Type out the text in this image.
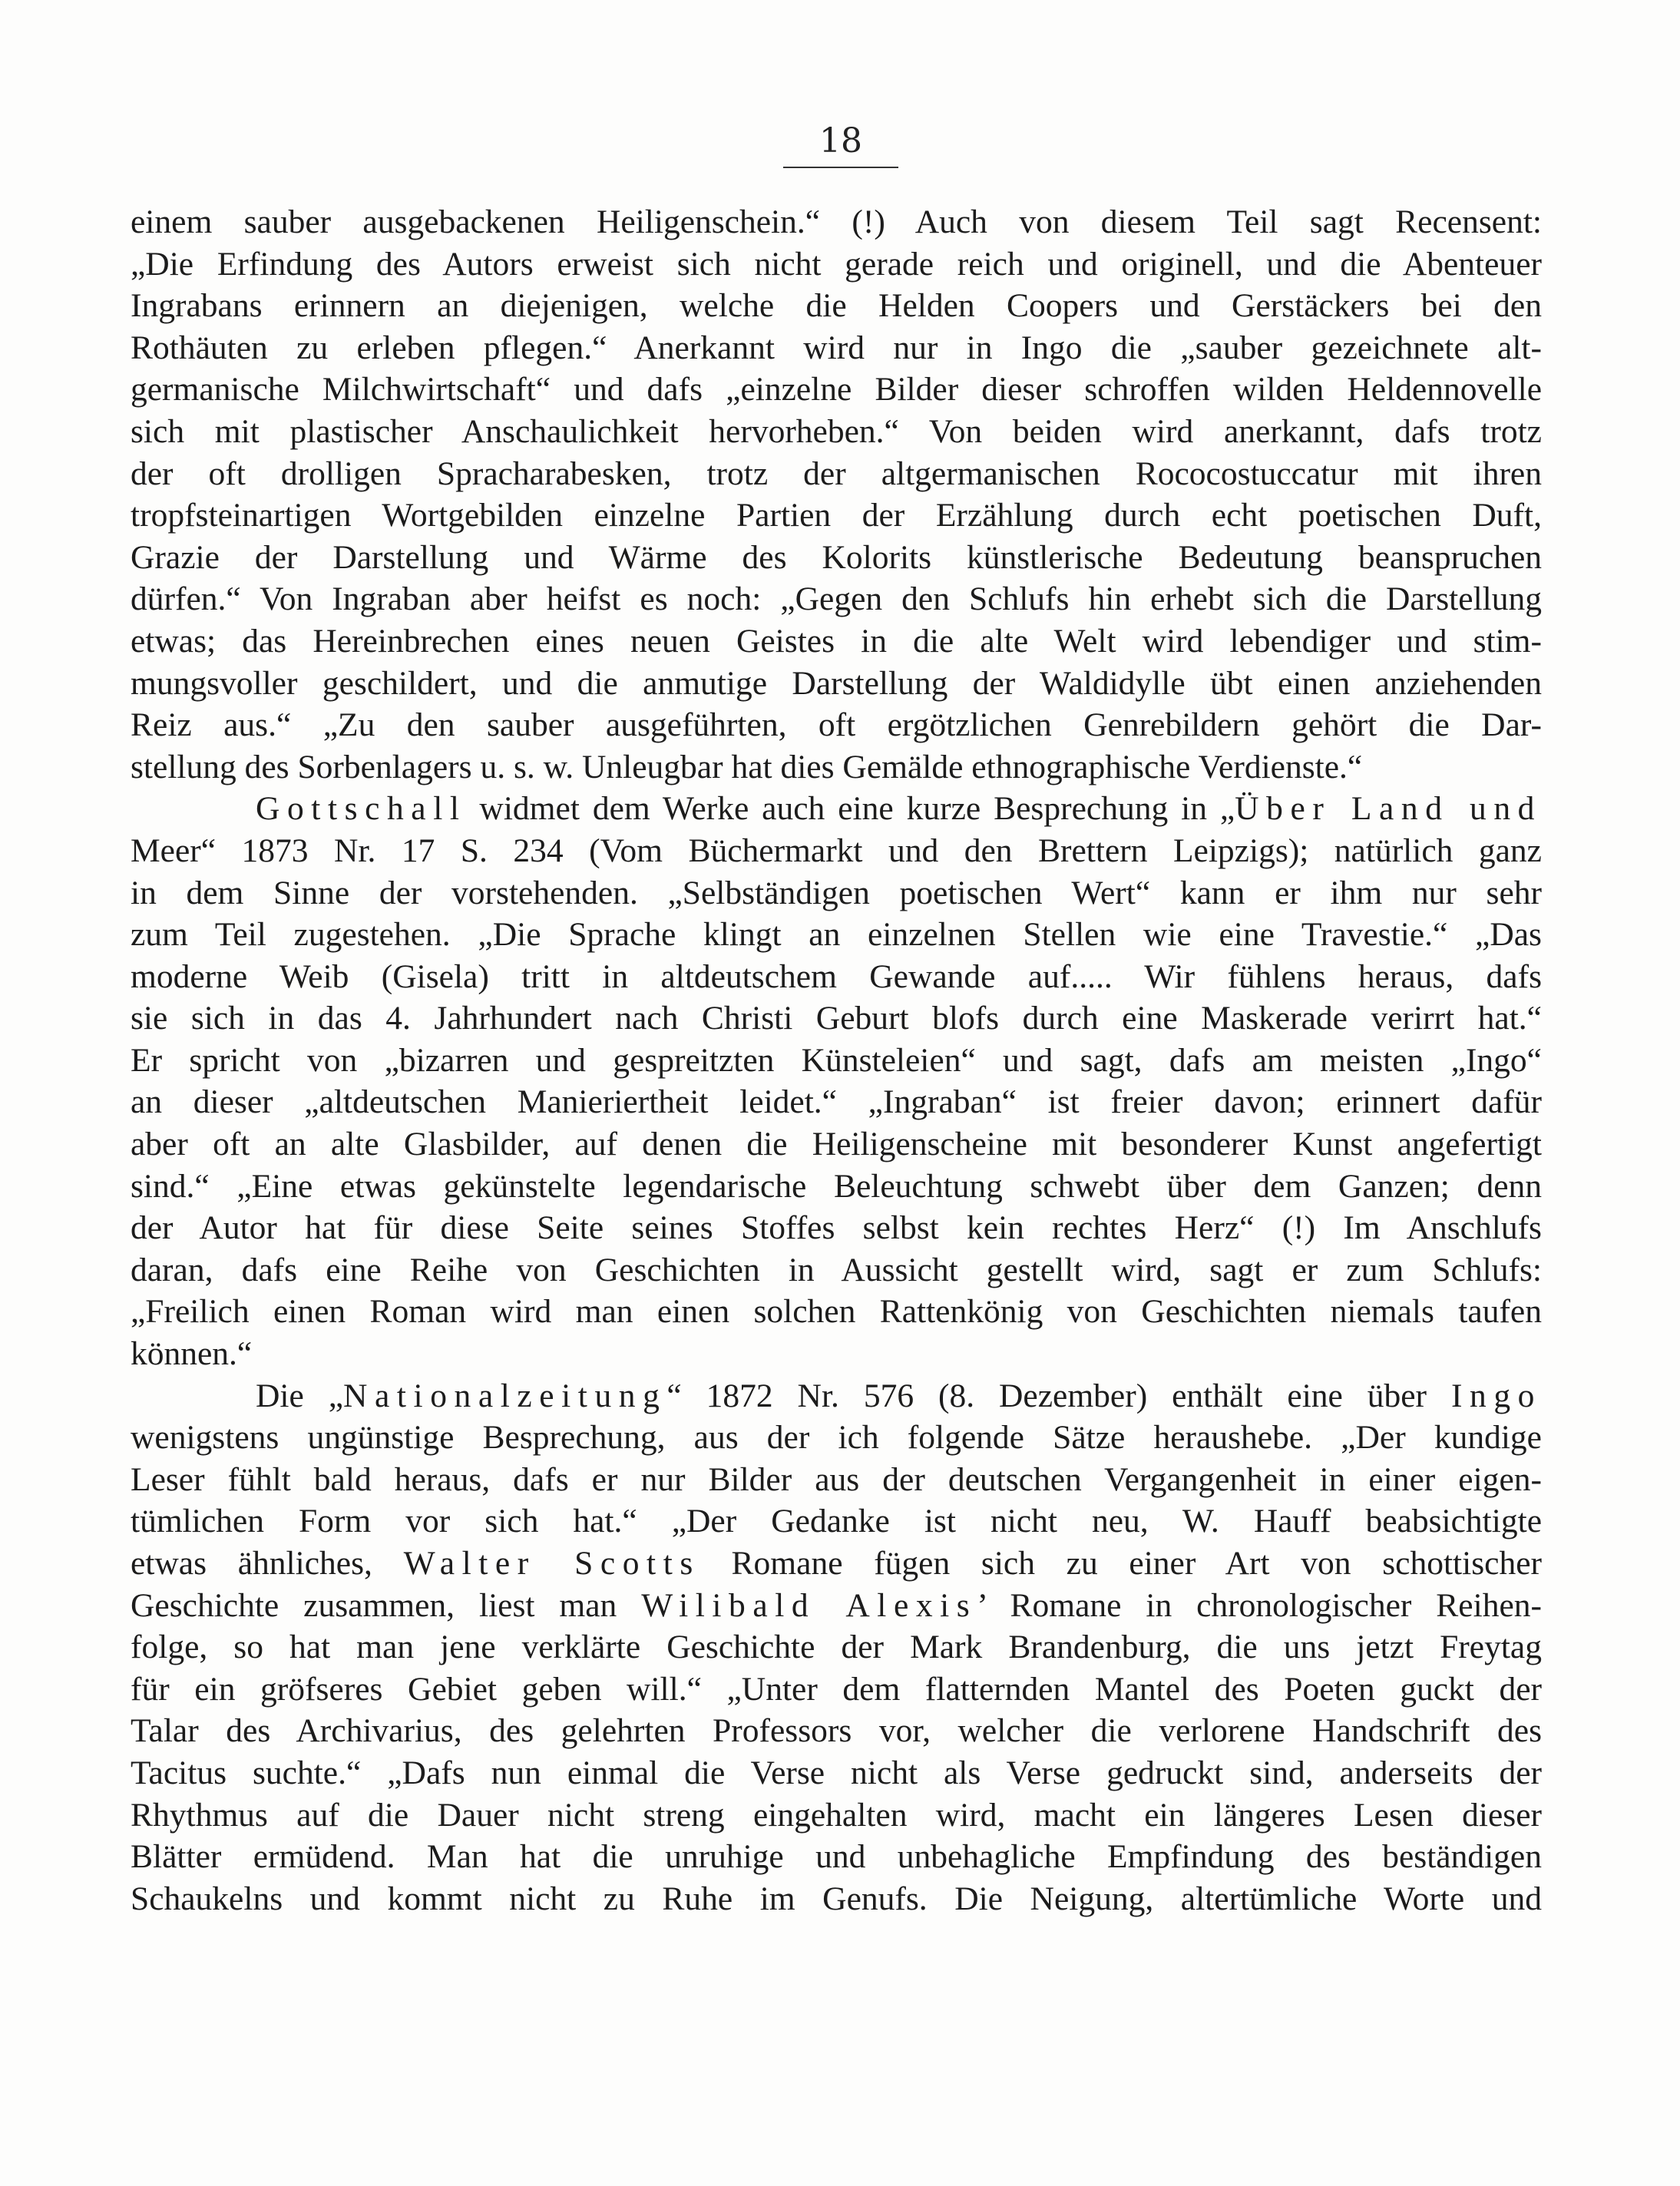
18

einem sauber ausgebackenen Heiligenschein.“ (!) Auch von diesem Teil sagt Recensent:

„Die Erfindung des Autors erweist sich nicht gerade reich und originell, und die Abenteuer

Ingrabans erinnern an diejenigen, welche die Helden Coopers und Gerstäckers bei den

Rothäuten zu erleben pflegen.“ Anerkannt wird nur in Ingo die „sauber gezeichnete alt-

germanische Milchwirtschaft“ und dafs „einzelne Bilder dieser schroffen wilden Heldennovelle

sich mit plastischer Anschaulichkeit hervorheben.“ Von beiden wird anerkannt, dafs trotz

der oft drolligen Spracharabesken, trotz der altgermanischen Rococostuccatur mit ihren

tropfsteinartigen Wortgebilden einzelne Partien der Erzählung durch echt poetischen Duft,

Grazie der Darstellung und Wärme des Kolorits künstlerische Bedeutung beanspruchen

dürfen.“ Von Ingraban aber heifst es noch: „Gegen den Schlufs hin erhebt sich die Darstellung

etwas; das Hereinbrechen eines neuen Geistes in die alte Welt wird lebendiger und stim-

mungsvoller geschildert, und die anmutige Darstellung der Waldidylle übt einen anziehenden

Reiz aus.“ „Zu den sauber ausgeführten, oft ergötzlichen Genrebildern gehört die Dar-

stellung des Sorbenlagers u. s. w. Unleugbar hat dies Gemälde ethnographische Verdienste.“

Gottschall widmet dem Werke auch eine kurze Besprechung in „Über Land und

Meer“ 1873 Nr. 17 S. 234 (Vom Büchermarkt und den Brettern Leipzigs); natürlich ganz

in dem Sinne der vorstehenden. „Selbständigen poetischen Wert“ kann er ihm nur sehr

zum Teil zugestehen. „Die Sprache klingt an einzelnen Stellen wie eine Travestie.“ „Das

moderne Weib (Gisela) tritt in altdeutschem Gewande auf..... Wir fühlens heraus, dafs

sie sich in das 4. Jahrhundert nach Christi Geburt blofs durch eine Maskerade verirrt hat.“

Er spricht von „bizarren und gespreitzten Künsteleien“ und sagt, dafs am meisten „Ingo“

an dieser „altdeutschen Manieriertheit leidet.“ „Ingraban“ ist freier davon; erinnert dafür

aber oft an alte Glasbilder, auf denen die Heiligenscheine mit besonderer Kunst angefertigt

sind.“ „Eine etwas gekünstelte legendarische Beleuchtung schwebt über dem Ganzen; denn

der Autor hat für diese Seite seines Stoffes selbst kein rechtes Herz“ (!) Im Anschlufs

daran, dafs eine Reihe von Geschichten in Aussicht gestellt wird, sagt er zum Schlufs:

„Freilich einen Roman wird man einen solchen Rattenkönig von Geschichten niemals taufen

können.“

Die „Nationalzeitung“ 1872 Nr. 576 (8. Dezember) enthält eine über Ingo

wenigstens ungünstige Besprechung, aus der ich folgende Sätze heraushebe. „Der kundige

Leser fühlt bald heraus, dafs er nur Bilder aus der deutschen Vergangenheit in einer eigen-

tümlichen Form vor sich hat.“ „Der Gedanke ist nicht neu, W. Hauff beabsichtigte

etwas ähnliches, Walter Scotts Romane fügen sich zu einer Art von schottischer

Geschichte zusammen, liest man Wilibald Alexis’ Romane in chronologischer Reihen-

folge, so hat man jene verklärte Geschichte der Mark Brandenburg, die uns jetzt Freytag

für ein gröfseres Gebiet geben will.“ „Unter dem flatternden Mantel des Poeten guckt der

Talar des Archivarius, des gelehrten Professors vor, welcher die verlorene Handschrift des

Tacitus suchte.“ „Dafs nun einmal die Verse nicht als Verse gedruckt sind, anderseits der

Rhythmus auf die Dauer nicht streng eingehalten wird, macht ein längeres Lesen dieser

Blätter ermüdend. Man hat die unruhige und unbehagliche Empfindung des beständigen

Schaukelns und kommt nicht zu Ruhe im Genufs. Die Neigung, altertümliche Worte und
